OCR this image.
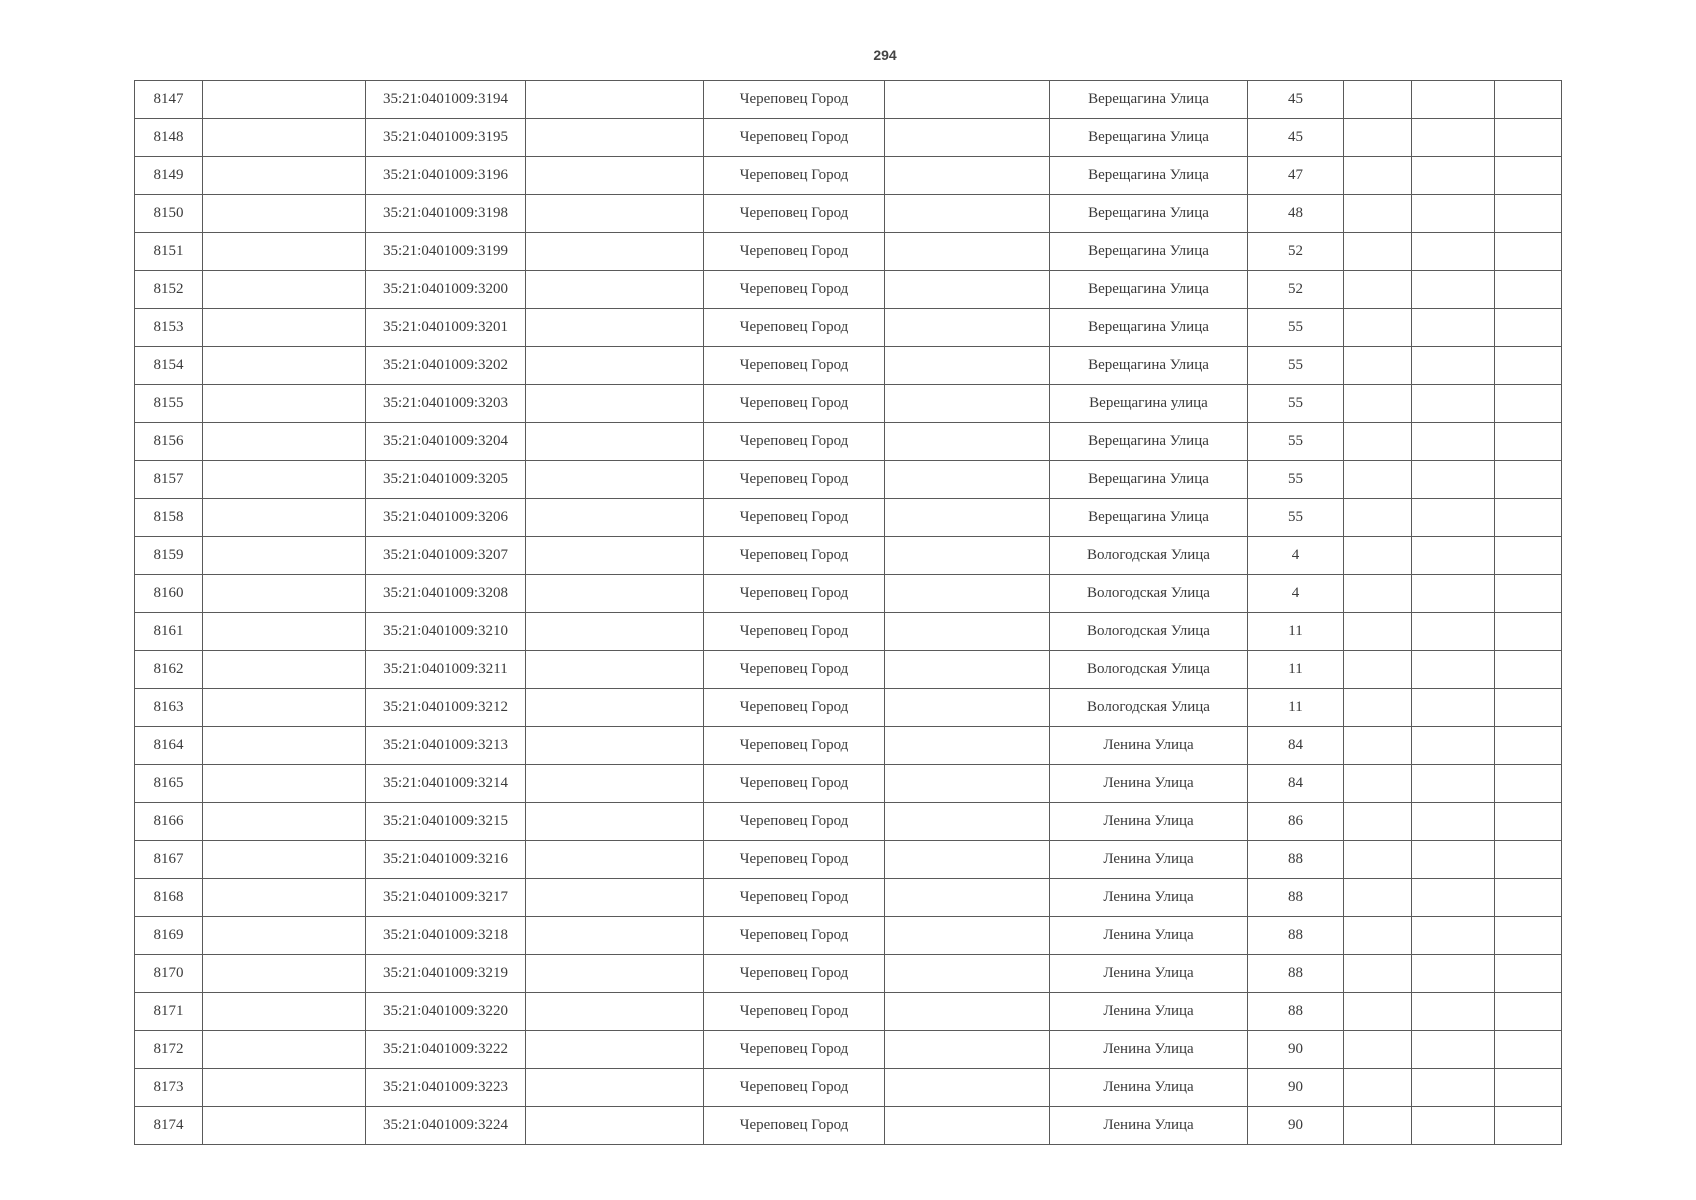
294
8147		35:21:0401009:3194		Череповец Город		Верещагина Улица	45			
8148		35:21:0401009:3195		Череповец Город		Верещагина Улица	45			
8149		35:21:0401009:3196		Череповец Город		Верещагина Улица	47			
8150		35:21:0401009:3198		Череповец Город		Верещагина Улица	48			
8151		35:21:0401009:3199		Череповец Город		Верещагина Улица	52			
8152		35:21:0401009:3200		Череповец Город		Верещагина Улица	52			
8153		35:21:0401009:3201		Череповец Город		Верещагина Улица	55			
8154		35:21:0401009:3202		Череповец Город		Верещагина Улица	55			
8155		35:21:0401009:3203		Череповец Город		Верещагина улица	55			
8156		35:21:0401009:3204		Череповец Город		Верещагина Улица	55			
8157		35:21:0401009:3205		Череповец Город		Верещагина Улица	55			
8158		35:21:0401009:3206		Череповец Город		Верещагина Улица	55			
8159		35:21:0401009:3207		Череповец Город		Вологодская Улица	4			
8160		35:21:0401009:3208		Череповец Город		Вологодская Улица	4			
8161		35:21:0401009:3210		Череповец Город		Вологодская Улица	11			
8162		35:21:0401009:3211		Череповец Город		Вологодская Улица	11			
8163		35:21:0401009:3212		Череповец Город		Вологодская Улица	11			
8164		35:21:0401009:3213		Череповец Город		Ленина Улица	84			
8165		35:21:0401009:3214		Череповец Город		Ленина Улица	84			
8166		35:21:0401009:3215		Череповец Город		Ленина Улица	86			
8167		35:21:0401009:3216		Череповец Город		Ленина Улица	88			
8168		35:21:0401009:3217		Череповец Город		Ленина Улица	88			
8169		35:21:0401009:3218		Череповец Город		Ленина Улица	88			
8170		35:21:0401009:3219		Череповец Город		Ленина Улица	88			
8171		35:21:0401009:3220		Череповец Город		Ленина Улица	88			
8172		35:21:0401009:3222		Череповец Город		Ленина Улица	90			
8173		35:21:0401009:3223		Череповец Город		Ленина Улица	90			
8174		35:21:0401009:3224		Череповец Город		Ленина Улица	90			
